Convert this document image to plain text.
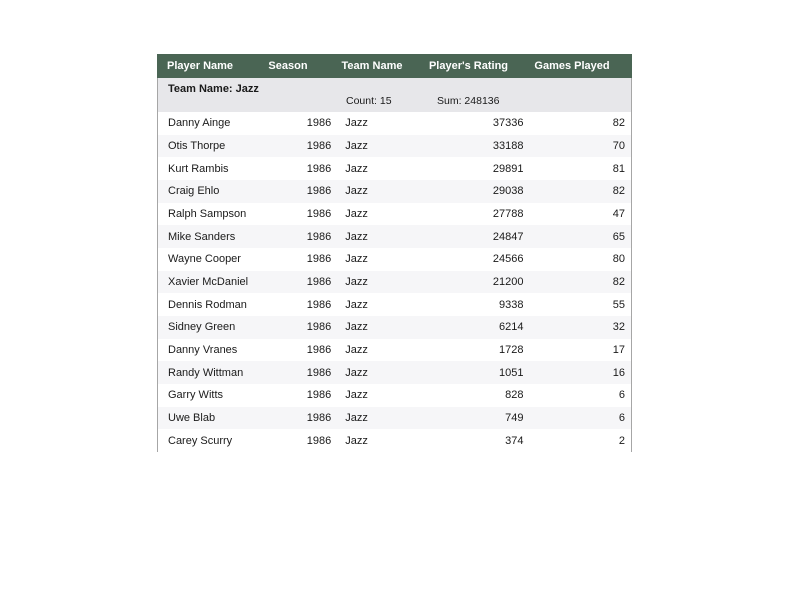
Player Name	Season	Team Name	Player's Rating	Games Played
Team Name: Jazz
Count: 15	Sum: 248136
Danny Ainge	1986	Jazz	37336	82
Otis Thorpe	1986	Jazz	33188	70
Kurt Rambis	1986	Jazz	29891	81
Craig Ehlo	1986	Jazz	29038	82
Ralph Sampson	1986	Jazz	27788	47
Mike Sanders	1986	Jazz	24847	65
Wayne Cooper	1986	Jazz	24566	80
Xavier McDaniel	1986	Jazz	21200	82
Dennis Rodman	1986	Jazz	9338	55
Sidney Green	1986	Jazz	6214	32
Danny Vranes	1986	Jazz	1728	17
Randy Wittman	1986	Jazz	1051	16
Garry Witts	1986	Jazz	828	6
Uwe Blab	1986	Jazz	749	6
Carey Scurry	1986	Jazz	374	2
